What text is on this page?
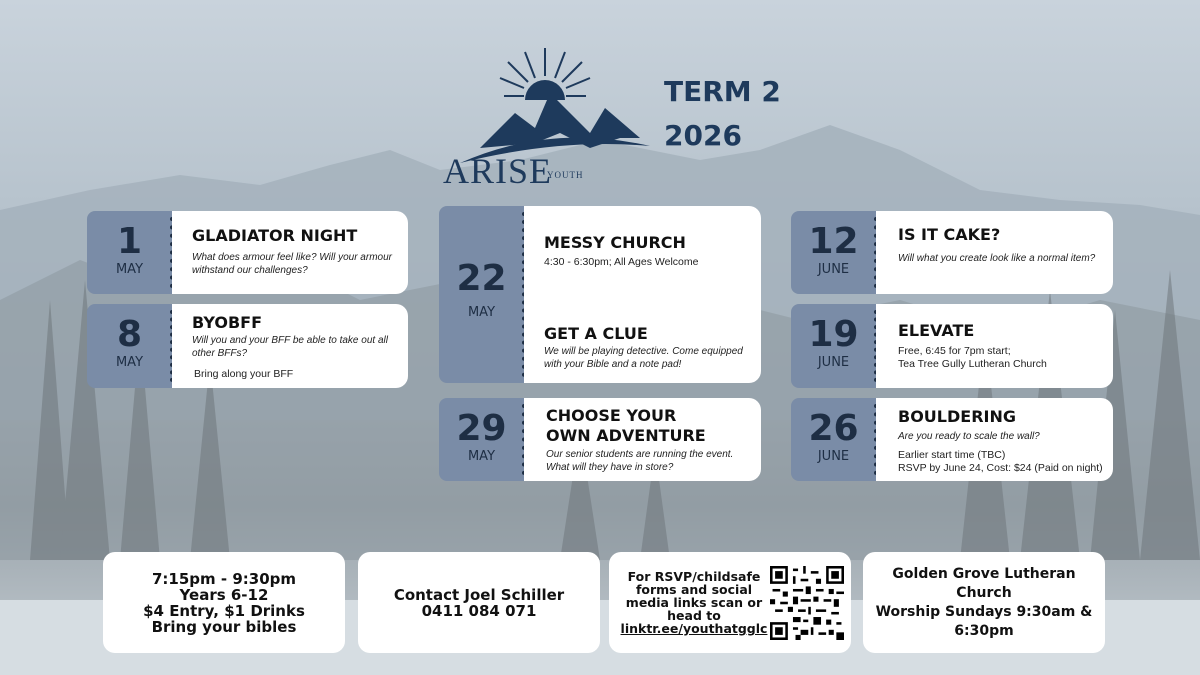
ARISE
YOUTH
TERM 2
2026
1
MAY
GLADIATOR NIGHT
What does armour feel like? Will your armour withstand our challenges?
8
MAY
BYOBFF
Will you and your BFF be able to take out all other BFFs?
Bring along your BFF
22
MAY
MESSY CHURCH
4:30 - 6:30pm; All Ages Welcome
GET A CLUE
We will be playing detective. Come equipped with your Bible and a note pad!
29
MAY
CHOOSE YOUR OWN ADVENTURE
Our senior students are running the event. What will they have in store?
12
JUNE
IS IT CAKE?
Will what you create look like a normal item?
19
JUNE
ELEVATE
Free, 6:45 for 7pm start;
Tea Tree Gully Lutheran Church
26
JUNE
BOULDERING
Are you ready to scale the wall?
Earlier start time (TBC)
RSVP by June 24, Cost: $24 (Paid on night)
7:15pm - 9:30pm
Years 6-12
$4 Entry, $1 Drinks
Bring your bibles
Contact Joel Schiller
0411 084 071
For RSVP/childsafe
forms and social
media links scan or
head to
linktr.ee/youthatgglc
Golden Grove Lutheran Church
Worship Sundays 9:30am &
6:30pm
